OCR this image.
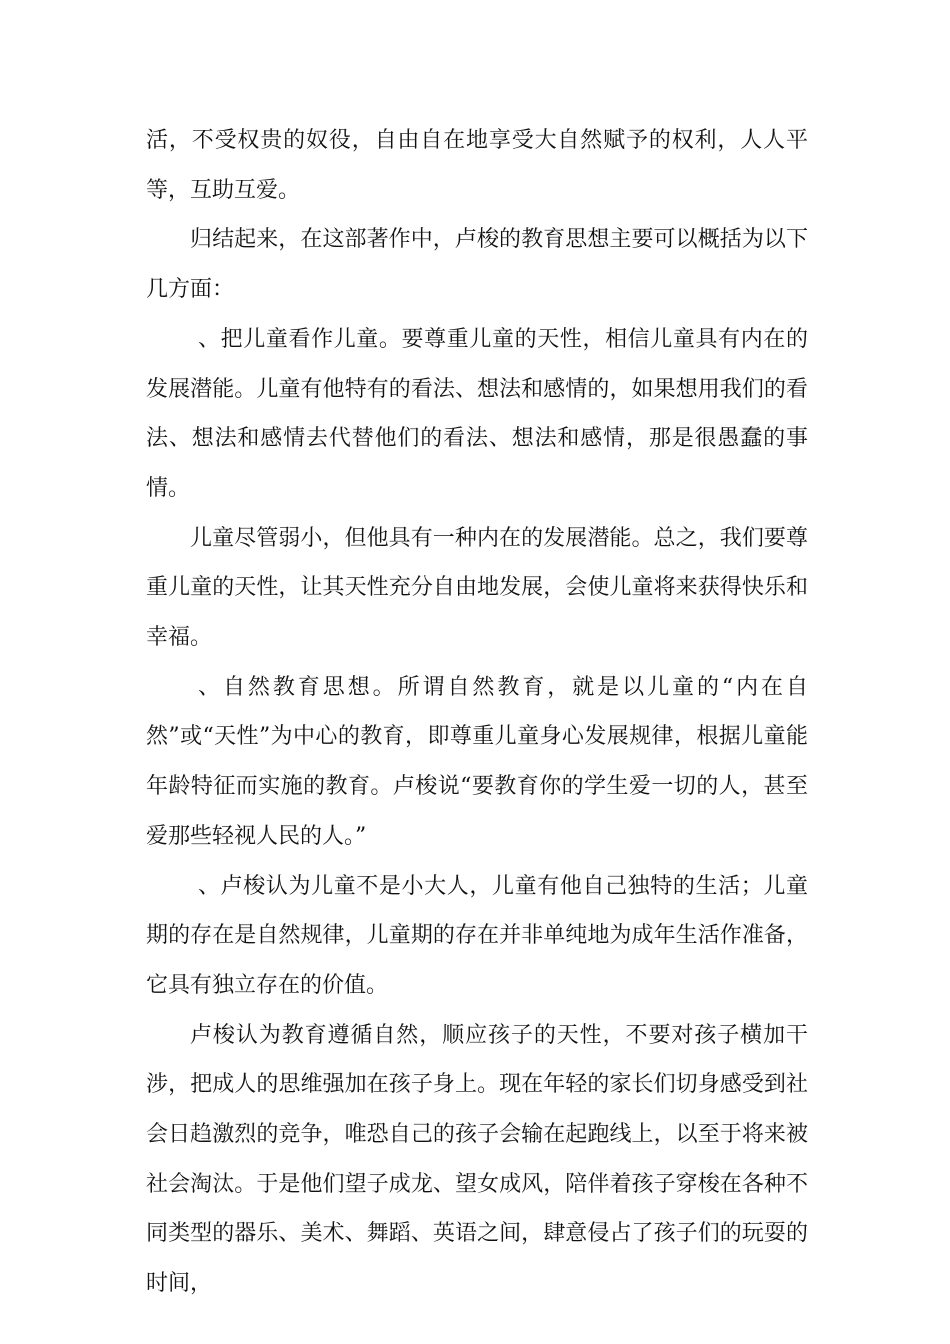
活，不受权贵的奴役，自由自在地享受大自然赋予的权利，人人平等，互助互爱。

归结起来，在这部著作中，卢梭的教育思想主要可以概括为以下几方面：

、把儿童看作儿童。要尊重儿童的天性，相信儿童具有内在的发展潜能。儿童有他特有的看法、想法和感情的，如果想用我们的看法、想法和感情去代替他们的看法、想法和感情，那是很愚蠢的事情。

儿童尽管弱小，但他具有一种内在的发展潜能。总之，我们要尊重儿童的天性，让其天性充分自由地发展，会使儿童将来获得快乐和幸福。

、自然教育思想。所谓自然教育，就是以儿童的“内在自然”或“天性”为中心的教育，即尊重儿童身心发展规律，根据儿童能年龄特征而实施的教育。卢梭说“要教育你的学生爱一切的人，甚至爱那些轻视人民的人。”

、卢梭认为儿童不是小大人，儿童有他自己独特的生活；儿童期的存在是自然规律，儿童期的存在并非单纯地为成年生活作准备，它具有独立存在的价值。

卢梭认为教育遵循自然，顺应孩子的天性，不要对孩子横加干涉，把成人的思维强加在孩子身上。现在年轻的家长们切身感受到社会日趋激烈的竞争，唯恐自己的孩子会输在起跑线上，以至于将来被社会淘汰。于是他们望子成龙、望女成风，陪伴着孩子穿梭在各种不同类型的器乐、美术、舞蹈、英语之间，肆意侵占了孩子们的玩耍的时间，
